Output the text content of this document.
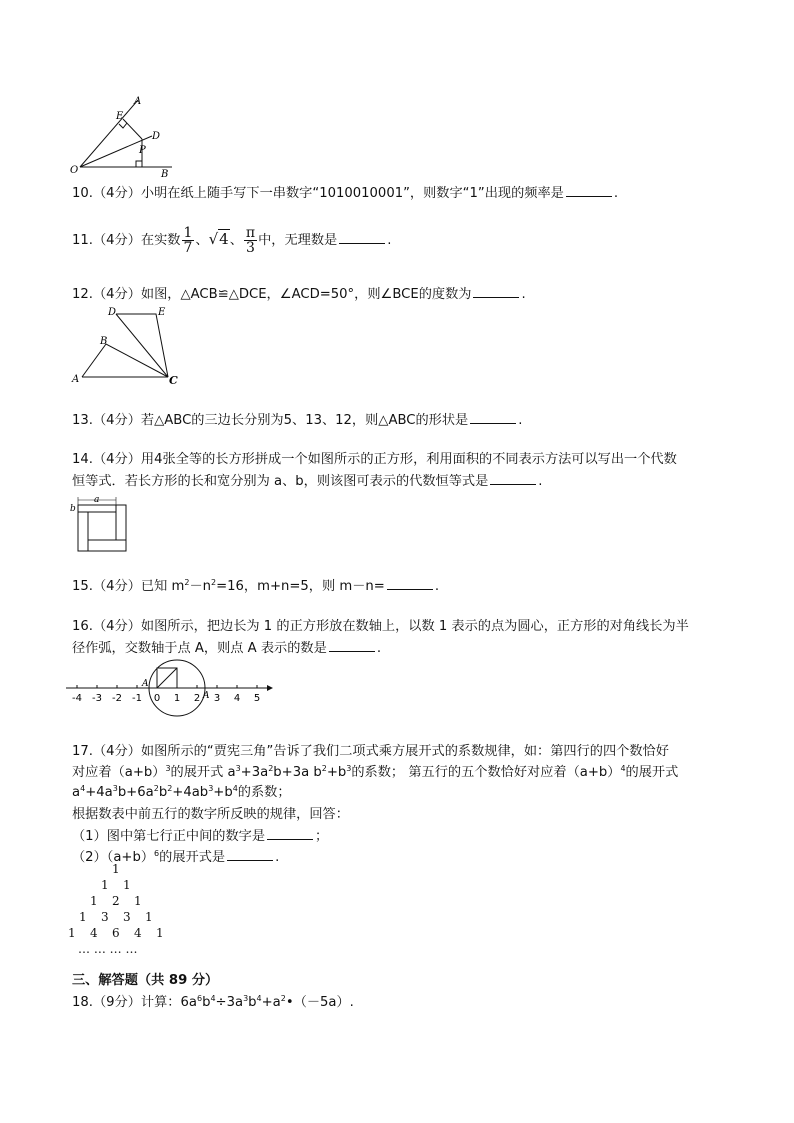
A
E
D
P
O	B
10.（4分）小明在纸上随手写下一串数字“1010010001”，则数字“1”出现的频率是	.
11.（4分）在实数 $\frac{1}{7}$ 、√4、 $\frac{\pi}{3}$ 中，无理数是	.
12.（4分）如图，△ACB≌△DCE，∠ACD=50°，则∠BCE的度数为	.
D	E
B
A	C
13.（4分）若△ABC的三边长分别为5、13、12，则△ABC的形状是	.
14.（4分）用4张全等的长方形拼成一个如图所示的正方形，利用面积的不同表示方法可以写出一个代数
恒等式．若长方形的长和宽分别为 a、b，则该图可表示的代数恒等式是	.
a
b
15.（4分）已知 $m^2-n^2=16$，m+n=5，则 m－n=	.
16.（4分）如图所示，把边长为 1 的正方形放在数轴上，以数 1 表示的点为圆心，正方形的对角线长为半
径作弧，交数轴于点 A，则点 A 表示的数是	.
-4 -3 -2 -1 0 1 2 3 4 5
A
A
17.（4分）如图所示的“贾宪三角”告诉了我们二项式乘方展开式的系数规律，如：第四行的四个数恰好
对应着$(a+b)^3$的展开式 $a^3+3a^2b+3a$ $b^2+b^3$的系数； 第五行的五个数恰好对应着$(a+b)^4$的展开式
$a^4+4a^3b+6a^2b^2+4ab^3+b^4$的系数；
根据数表中前五行的数字所反映的规律，回答：
（1）图中第七行正中间的数字是	；
$(2)(a+b)^6$的展开式是	.
1
1 1
1 2 1
1 3 3 1
1 4 6 4 1
… … … …
三、解答题（共 89 分）
18.（9分）计算：$6a^6b^4\div 3a^3b^4+a^2•(-5a)$.
